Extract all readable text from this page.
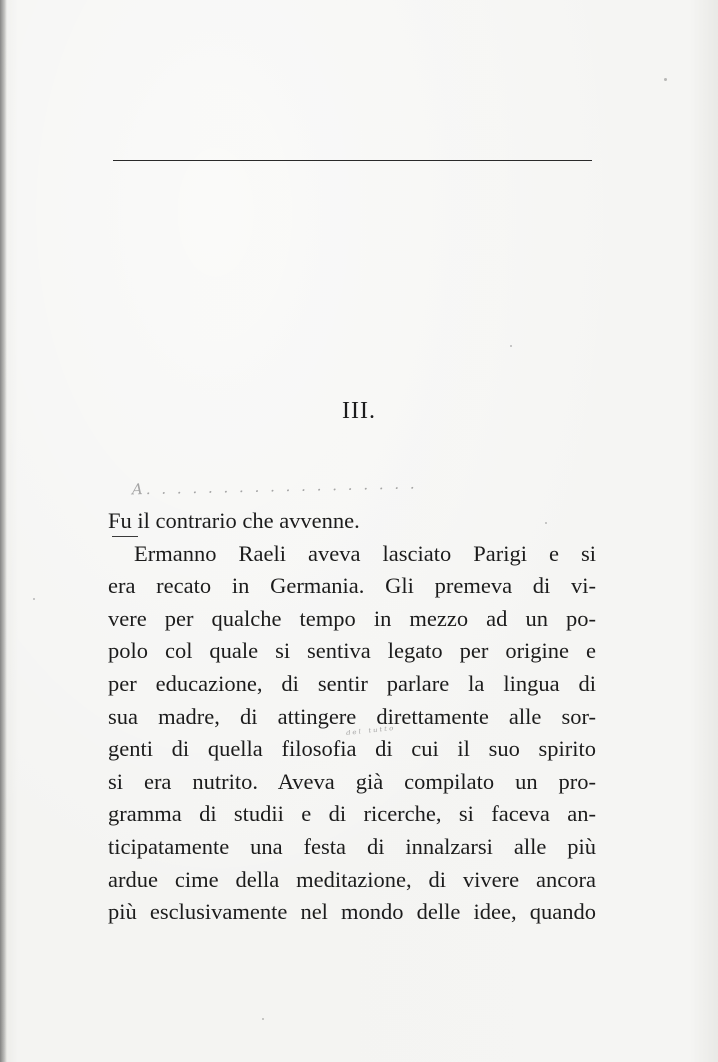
III.
A. . . . . . . . . . . . . . . . . .
ᵈᵉˡ ᵗᵘᵗᵗᵒ
Fu il contrario che avvenne.
Ermanno Raeli aveva lasciato Parigi e si
era recato in Germania. Gli premeva di vi-
vere per qualche tempo in mezzo ad un po-
polo col quale si sentiva legato per origine e
per educazione, di sentir parlare la lingua di
sua madre, di attingere direttamente alle sor-
genti di quella filosofia di cui il suo spirito
si era nutrito. Aveva già compilato un pro-
gramma di studii e di ricerche, si faceva an-
ticipatamente una festa di innalzarsi alle più
ardue cime della meditazione, di vivere ancora
più esclusivamente nel mondo delle idee, quando
